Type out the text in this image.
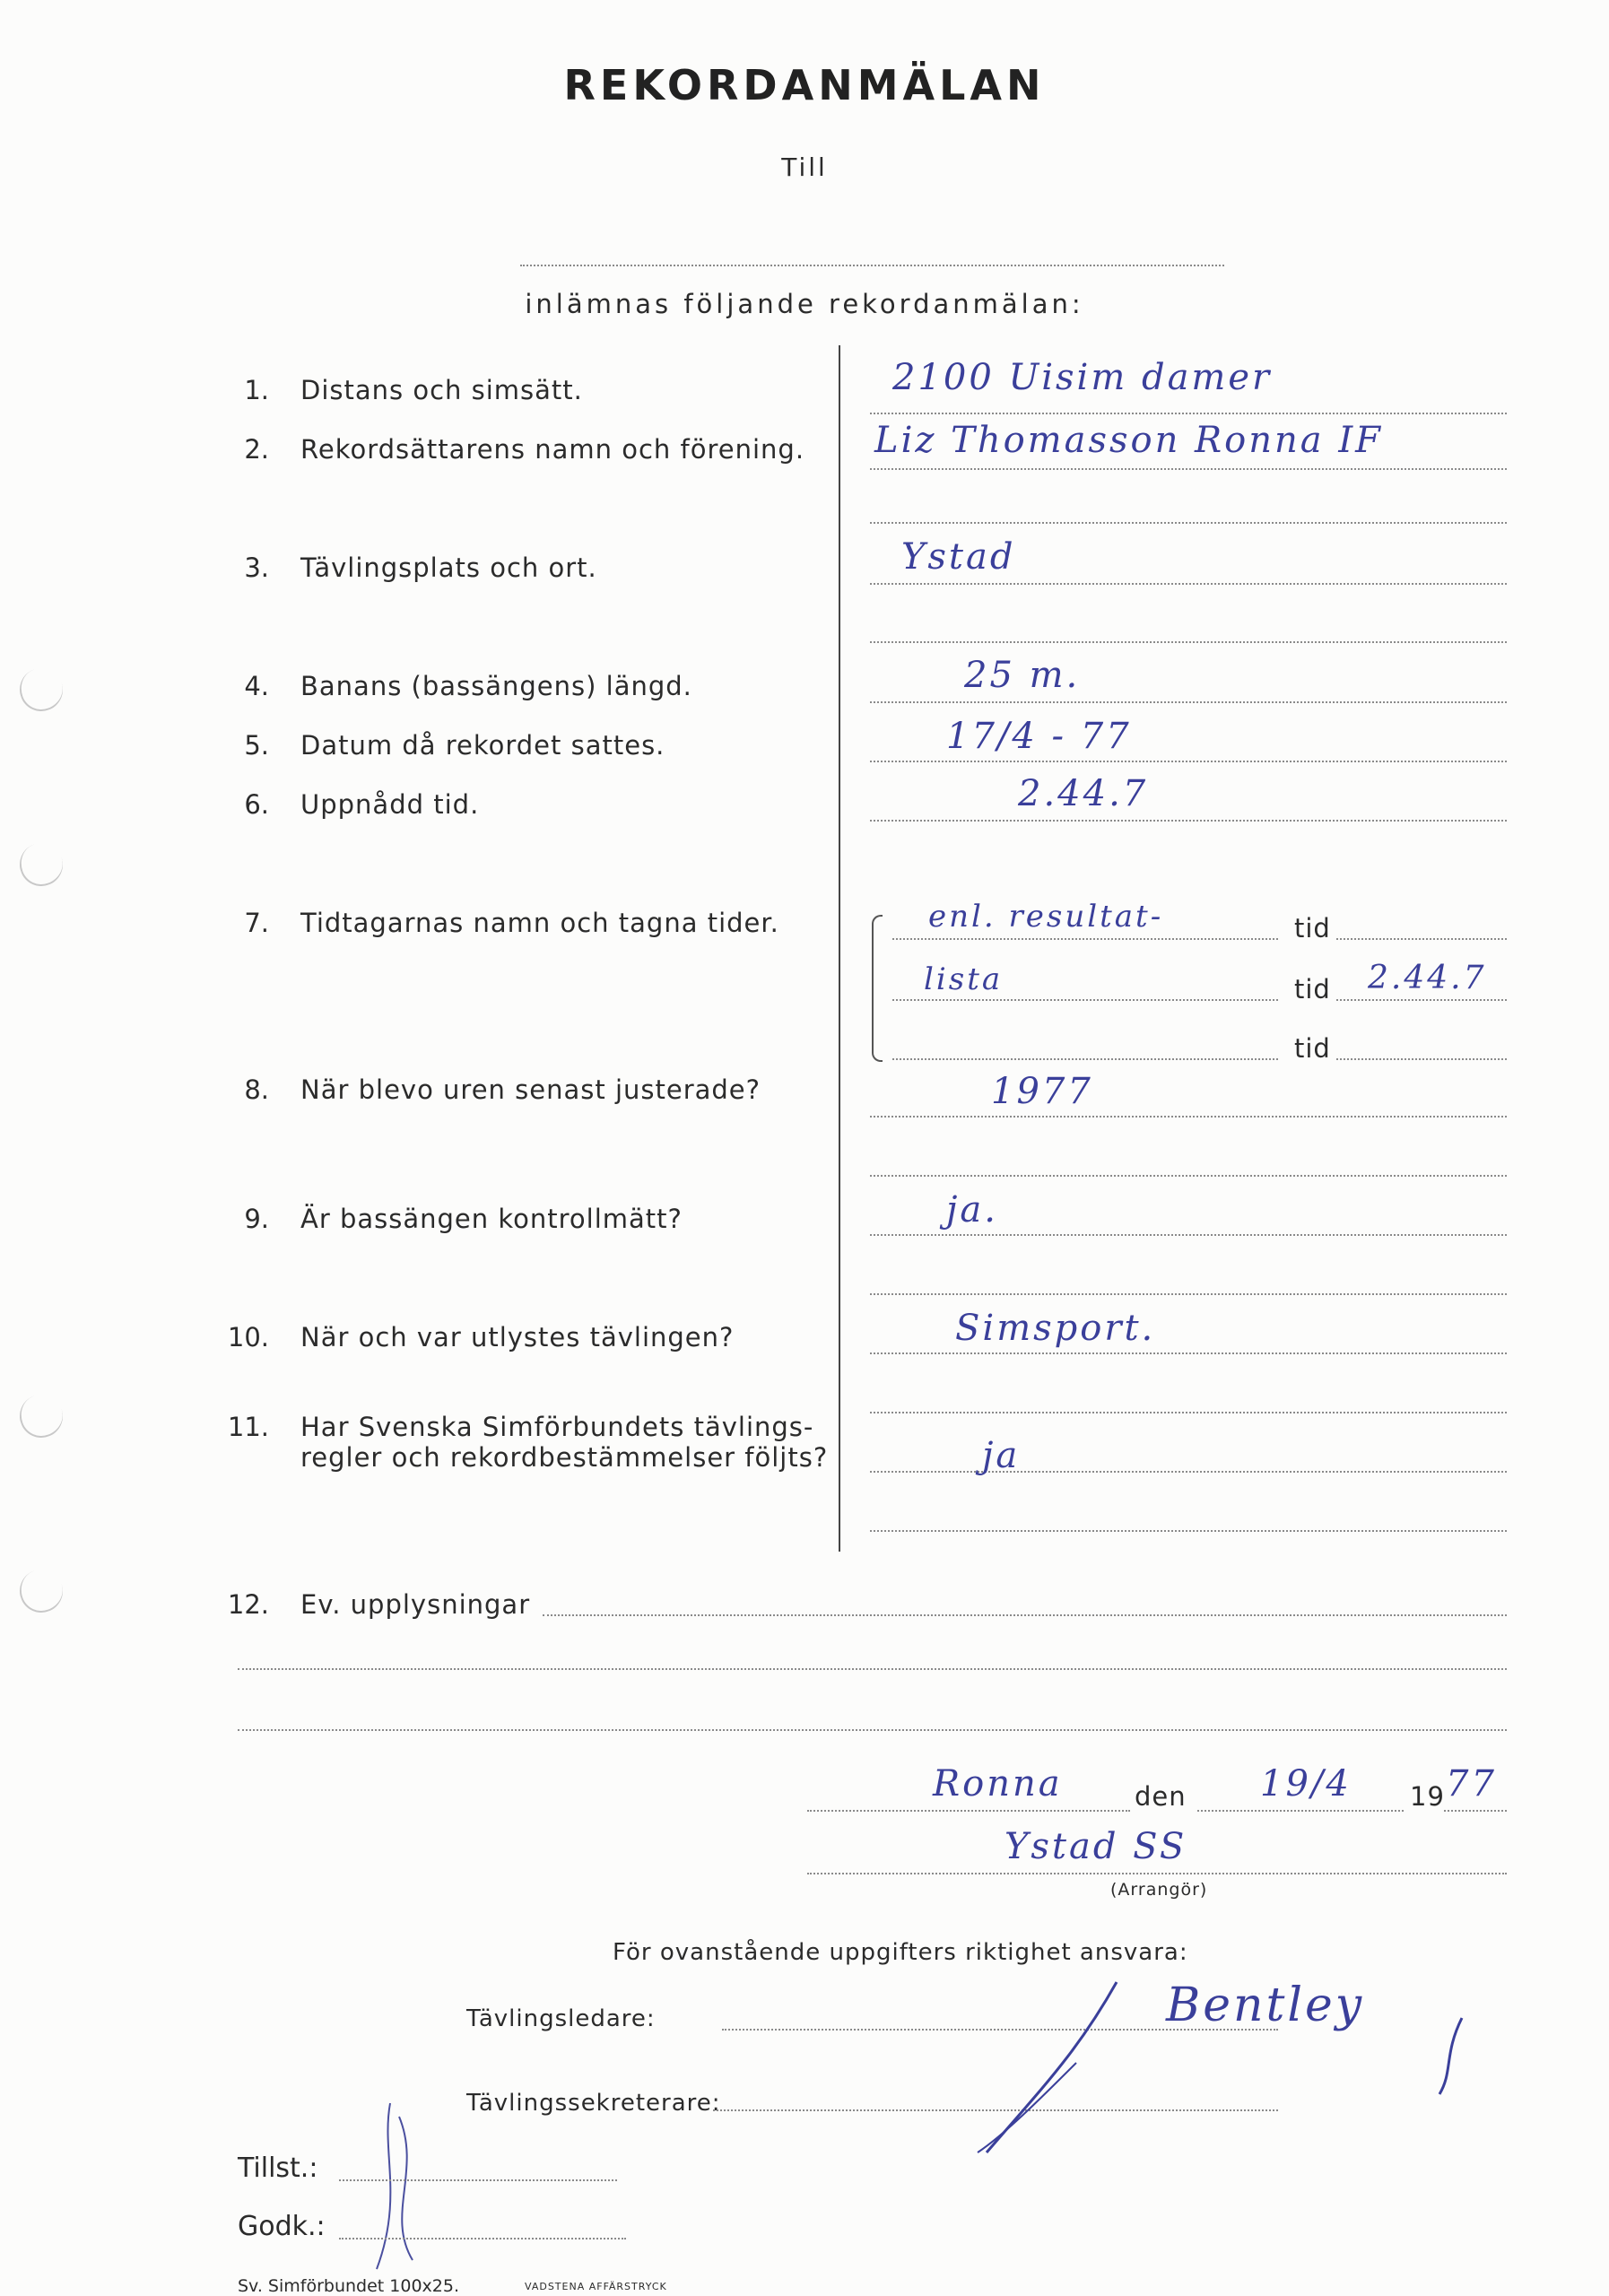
REKORDANMÄLAN
Till
inlämnas följande rekordanmälan:
1. Distans och simsätt.	2100 Uisim damer
2. Rekordsättarens namn och förening. Liz Thomasson Ronna IF
3. Tävlingsplats och ort.	Ystad
4. Banans (bassängens) längd.	25 m.
5. Datum då rekordet sattes.	17/4 - 77
6. Uppnådd tid.	2.44.7
7. Tidtagarnas namn och tagna tider.	enl. resultat-	tid
lista	tid 2.44.7
tid
8. När blevo uren senast justerade?	1977
9. Är bassängen kontrollmätt?	ja.
10. När och var utlystes tävlingen?	Simsport.
11. Har Svenska Simförbundets tävlings-
regler och rekordbestämmelser följts?	ja
12. Ev. upplysningar
Ronna	den 19/4 19 77
Ystad SS
(Arrangör)
För ovanstående uppgifters riktighet ansvara:
Tävlingsledare:	Bentley
Tävlingssekreterare:
Tillst.:
Godk.:
Sv. Simförbundet 100x25.	VADSTENA AFFÄRSTRYCK
